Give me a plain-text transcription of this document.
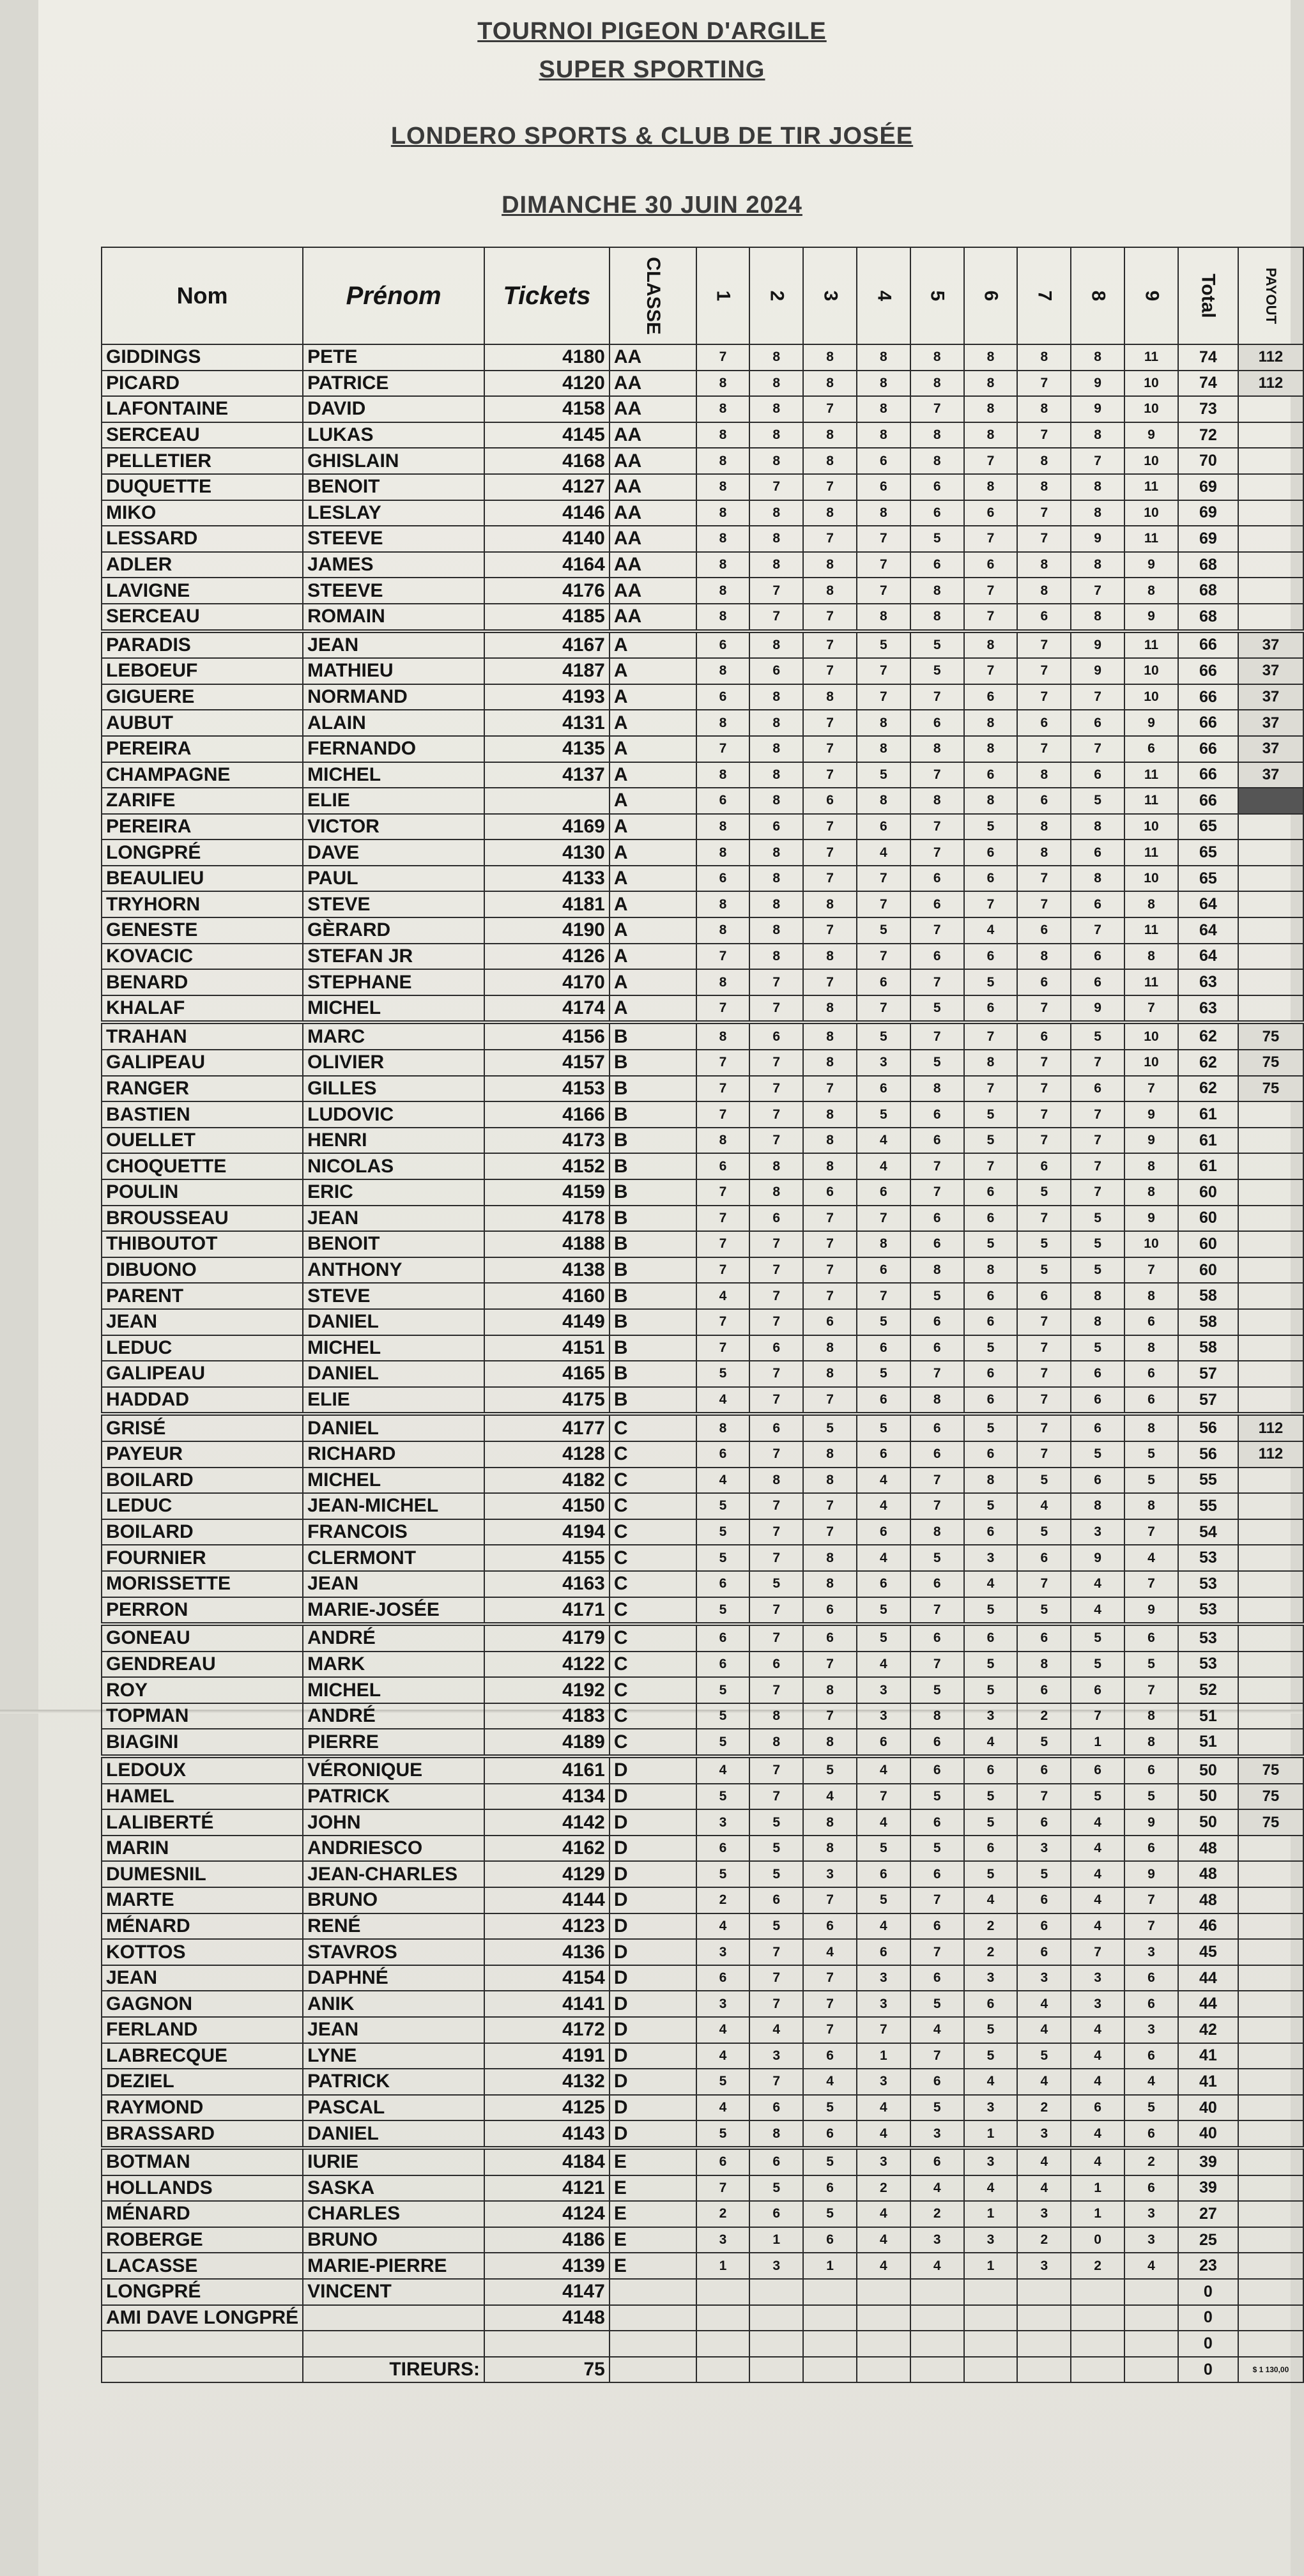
TOURNOI PIGEON D'ARGILE
SUPER SPORTING
LONDERO SPORTS & CLUB DE TIR JOSÉE
DIMANCHE 30 JUIN 2024
Nom	Prénom	Tickets	CLASSE	1	2	3	4	5	6	7	8	9	Total	PAYOUT
GIDDINGS	PETE	4180	AA	7	8	8	8	8	8	8	8	11	74	112
PICARD	PATRICE	4120	AA	8	8	8	8	8	8	7	9	10	74	112
LAFONTAINE	DAVID	4158	AA	8	8	7	8	7	8	8	9	10	73	
SERCEAU	LUKAS	4145	AA	8	8	8	8	8	8	7	8	9	72	
PELLETIER	GHISLAIN	4168	AA	8	8	8	6	8	7	8	7	10	70	
DUQUETTE	BENOIT	4127	AA	8	7	7	6	6	8	8	8	11	69	
MIKO	LESLAY	4146	AA	8	8	8	8	6	6	7	8	10	69	
LESSARD	STEEVE	4140	AA	8	8	7	7	5	7	7	9	11	69	
ADLER	JAMES	4164	AA	8	8	8	7	6	6	8	8	9	68	
LAVIGNE	STEEVE	4176	AA	8	7	8	7	8	7	8	7	8	68	
SERCEAU	ROMAIN	4185	AA	8	7	7	8	8	7	6	8	9	68	
PARADIS	JEAN	4167	A	6	8	7	5	5	8	7	9	11	66	37
LEBOEUF	MATHIEU	4187	A	8	6	7	7	5	7	7	9	10	66	37
GIGUERE	NORMAND	4193	A	6	8	8	7	7	6	7	7	10	66	37
AUBUT	ALAIN	4131	A	8	8	7	8	6	8	6	6	9	66	37
PEREIRA	FERNANDO	4135	A	7	8	7	8	8	8	7	7	6	66	37
CHAMPAGNE	MICHEL	4137	A	8	8	7	5	7	6	8	6	11	66	37
ZARIFE	ELIE		A	6	8	6	8	8	8	6	5	11	66	
PEREIRA	VICTOR	4169	A	8	6	7	6	7	5	8	8	10	65	
LONGPRÉ	DAVE	4130	A	8	8	7	4	7	6	8	6	11	65	
BEAULIEU	PAUL	4133	A	6	8	7	7	6	6	7	8	10	65	
TRYHORN	STEVE	4181	A	8	8	8	7	6	7	7	6	8	64	
GENESTE	GÈRARD	4190	A	8	8	7	5	7	4	6	7	11	64	
KOVACIC	STEFAN JR	4126	A	7	8	8	7	6	6	8	6	8	64	
BENARD	STEPHANE	4170	A	8	7	7	6	7	5	6	6	11	63	
KHALAF	MICHEL	4174	A	7	7	8	7	5	6	7	9	7	63	
TRAHAN	MARC	4156	B	8	6	8	5	7	7	6	5	10	62	75
GALIPEAU	OLIVIER	4157	B	7	7	8	3	5	8	7	7	10	62	75
RANGER	GILLES	4153	B	7	7	7	6	8	7	7	6	7	62	75
BASTIEN	LUDOVIC	4166	B	7	7	8	5	6	5	7	7	9	61	
OUELLET	HENRI	4173	B	8	7	8	4	6	5	7	7	9	61	
CHOQUETTE	NICOLAS	4152	B	6	8	8	4	7	7	6	7	8	61	
POULIN	ERIC	4159	B	7	8	6	6	7	6	5	7	8	60	
BROUSSEAU	JEAN	4178	B	7	6	7	7	6	6	7	5	9	60	
THIBOUTOT	BENOIT	4188	B	7	7	7	8	6	5	5	5	10	60	
DIBUONO	ANTHONY	4138	B	7	7	7	6	8	8	5	5	7	60	
PARENT	STEVE	4160	B	4	7	7	7	5	6	6	8	8	58	
JEAN	DANIEL	4149	B	7	7	6	5	6	6	7	8	6	58	
LEDUC	MICHEL	4151	B	7	6	8	6	6	5	7	5	8	58	
GALIPEAU	DANIEL	4165	B	5	7	8	5	7	6	7	6	6	57	
HADDAD	ELIE	4175	B	4	7	7	6	8	6	7	6	6	57	
GRISÉ	DANIEL	4177	C	8	6	5	5	6	5	7	6	8	56	112
PAYEUR	RICHARD	4128	C	6	7	8	6	6	6	7	5	5	56	112
BOILARD	MICHEL	4182	C	4	8	8	4	7	8	5	6	5	55	
LEDUC	JEAN-MICHEL	4150	C	5	7	7	4	7	5	4	8	8	55	
BOILARD	FRANCOIS	4194	C	5	7	7	6	8	6	5	3	7	54	
FOURNIER	CLERMONT	4155	C	5	7	8	4	5	3	6	9	4	53	
MORISSETTE	JEAN	4163	C	6	5	8	6	6	4	7	4	7	53	
PERRON	MARIE-JOSÉE	4171	C	5	7	6	5	7	5	5	4	9	53	
GONEAU	ANDRÉ	4179	C	6	7	6	5	6	6	6	5	6	53	
GENDREAU	MARK	4122	C	6	6	7	4	7	5	8	5	5	53	
ROY	MICHEL	4192	C	5	7	8	3	5	5	6	6	7	52	
TOPMAN	ANDRÉ	4183	C	5	8	7	3	8	3	2	7	8	51	
BIAGINI	PIERRE	4189	C	5	8	8	6	6	4	5	1	8	51	
LEDOUX	VÉRONIQUE	4161	D	4	7	5	4	6	6	6	6	6	50	75
HAMEL	PATRICK	4134	D	5	7	4	7	5	5	7	5	5	50	75
LALIBERTÉ	JOHN	4142	D	3	5	8	4	6	5	6	4	9	50	75
MARIN	ANDRIESCO	4162	D	6	5	8	5	5	6	3	4	6	48	
DUMESNIL	JEAN-CHARLES	4129	D	5	5	3	6	6	5	5	4	9	48	
MARTE	BRUNO	4144	D	2	6	7	5	7	4	6	4	7	48	
MÉNARD	RENÉ	4123	D	4	5	6	4	6	2	6	4	7	46	
KOTTOS	STAVROS	4136	D	3	7	4	6	7	2	6	7	3	45	
JEAN	DAPHNÉ	4154	D	6	7	7	3	6	3	3	3	6	44	
GAGNON	ANIK	4141	D	3	7	7	3	5	6	4	3	6	44	
FERLAND	JEAN	4172	D	4	4	7	7	4	5	4	4	3	42	
LABRECQUE	LYNE	4191	D	4	3	6	1	7	5	5	4	6	41	
DEZIEL	PATRICK	4132	D	5	7	4	3	6	4	4	4	4	41	
RAYMOND	PASCAL	4125	D	4	6	5	4	5	3	2	6	5	40	
BRASSARD	DANIEL	4143	D	5	8	6	4	3	1	3	4	6	40	
BOTMAN	IURIE	4184	E	6	6	5	3	6	3	4	4	2	39	
HOLLANDS	SASKA	4121	E	7	5	6	2	4	4	4	1	6	39	
MÉNARD	CHARLES	4124	E	2	6	5	4	2	1	3	1	3	27	
ROBERGE	BRUNO	4186	E	3	1	6	4	3	3	2	0	3	25	
LACASSE	MARIE-PIERRE	4139	E	1	3	1	4	4	1	3	2	4	23	
LONGPRÉ	VINCENT	4147											0	
AMI DAVE LONGPRÉ		4148											0	
													0	
	TIREURS:	75											0	$ 1 130,00
